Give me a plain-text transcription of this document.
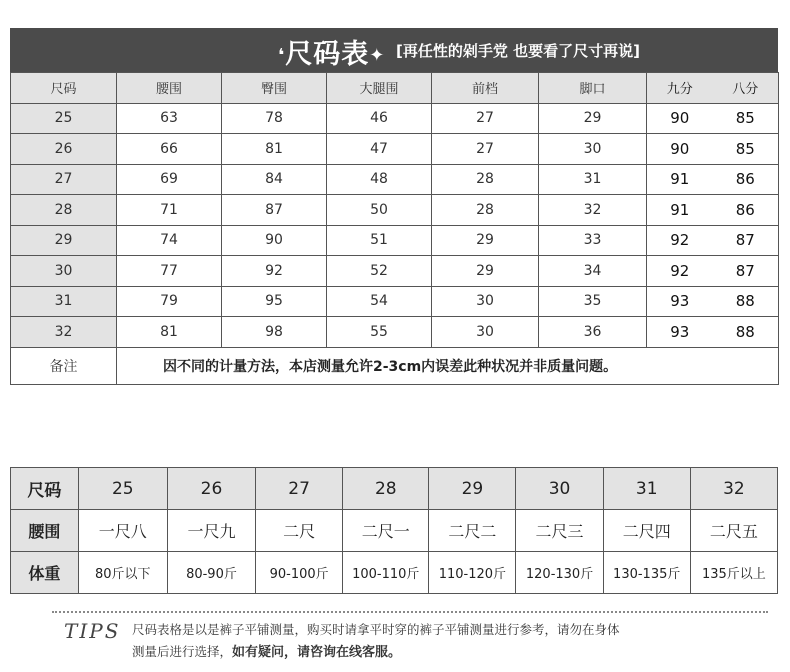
❛尺码表✦ [再任性的剁手党 也要看了尺寸再说]
尺码	腰围	臀围	大腿围	前档	脚口	九分 八分
25	63	78	46	27	29	90 85
26	66	81	47	27	30	90 85
27	69	84	48	28	31	91 86
28	71	87	50	28	32	91 86
29	74	90	51	29	33	92 87
30	77	92	52	29	34	92 87
31	79	95	54	30	35	93 88
32	81	98	55	30	36	93 88
备注	因不同的计量方法，本店测量允许2-3cm内误差此种状况并非质量问题。					
尺码	25	26	27	28	29	30	31	32
腰围	一尺八	一尺九	二尺	二尺一	二尺二	二尺三	二尺四	二尺五
体重	80斤以下	80-90斤	90-100斤	100-110斤	110-120斤	120-130斤	130-135斤	135斤以上
TIPS 尺码表格是以是裤子平铺测量，购买时请拿平时穿的裤子平铺测量进行参考，请勿在身体
测量后进行选择，如有疑问，请咨询在线客服。
